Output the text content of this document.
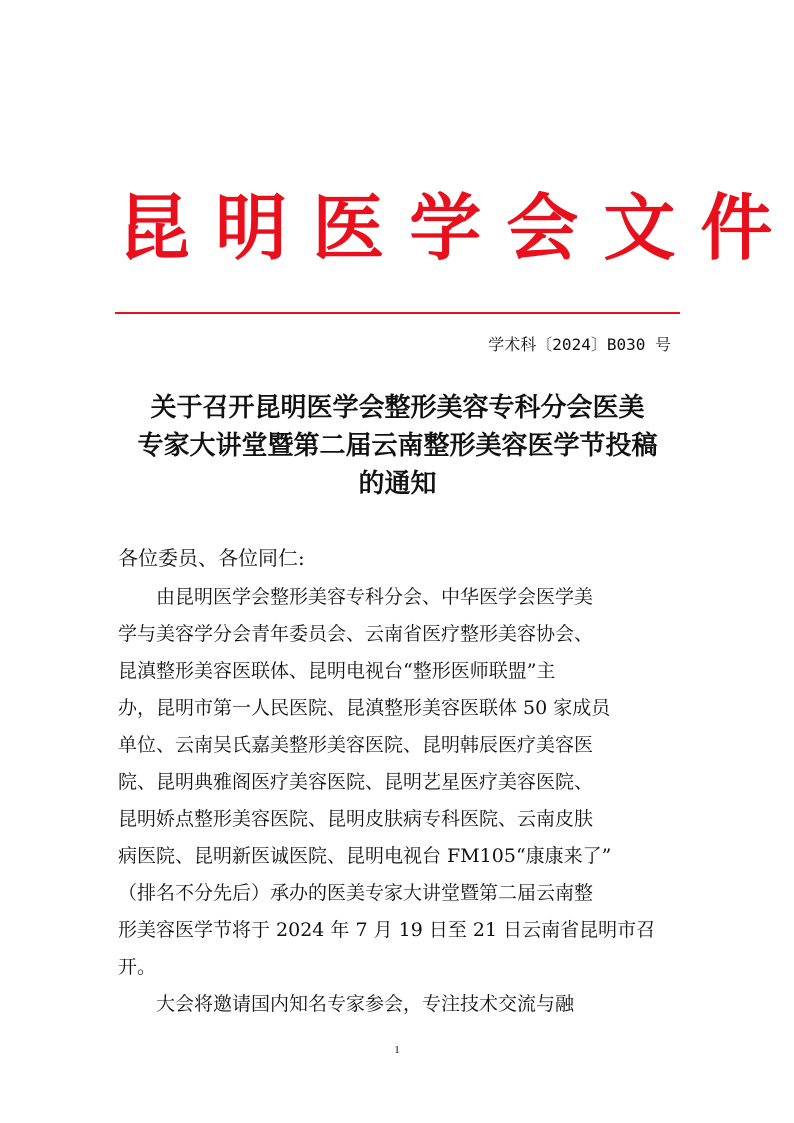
昆 明 医 学 会 文 件

学术科〔2024〕B030 号

关于召开昆明医学会整形美容专科分会医美
专家大讲堂暨第二届云南整形美容医学节投稿
的通知

各位委员、各位同仁:

　　由昆明医学会整形美容专科分会、中华医学会医学美
学与美容学分会青年委员会、云南省医疗整形美容协会、
昆滇整形美容医联体、昆明电视台“整形医师联盟”主
办，昆明市第一人民医院、昆滇整形美容医联体 50 家成员
单位、云南吴氏嘉美整形美容医院、昆明韩辰医疗美容医
院、昆明典雅阁医疗美容医院、昆明艺星医疗美容医院、
昆明娇点整形美容医院、昆明皮肤病专科医院、云南皮肤
病医院、昆明新医诚医院、昆明电视台 FM105“康康来了”
（排名不分先后）承办的医美专家大讲堂暨第二届云南整
形美容医学节将于 2024 年 7 月 19 日至 21 日云南省昆明市召
开。
　　大会将邀请国内知名专家参会，专注技术交流与融

1
